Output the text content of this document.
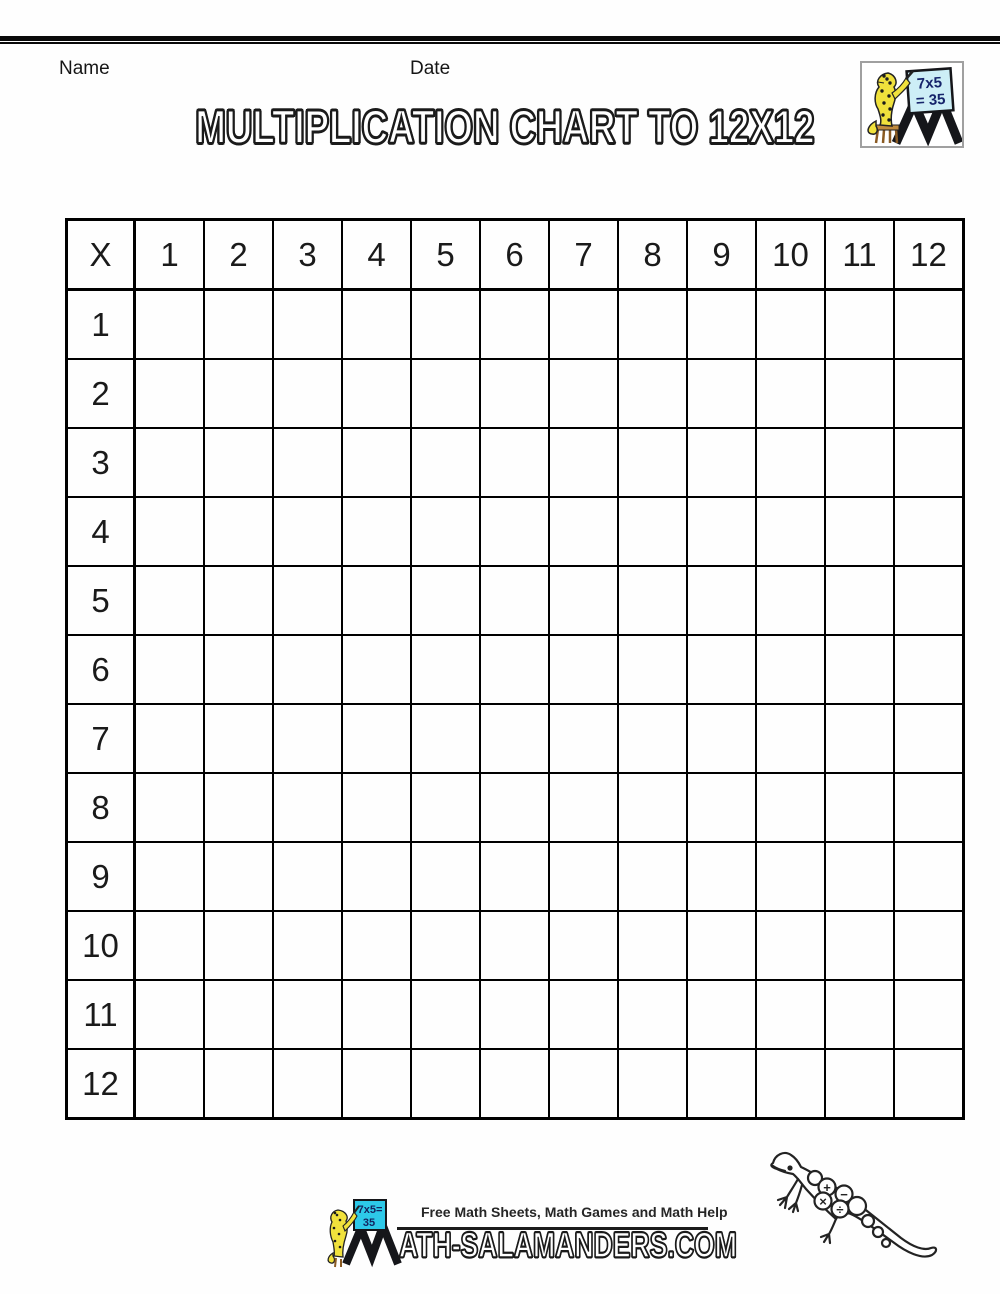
Name	Date
7x5
= 35
MULTIPLICATION CHART TO 12X12
X	1	2	3	4	5	6	7	8	9	10	11	12
1												
2												
3												
4												
5												
6												
7												
8												
9												
10												
11												
12												
7x5=
35
Free Math Sheets, Math Games and Math Help
ATH-SALAMANDERS.COM
+ −
×
÷
